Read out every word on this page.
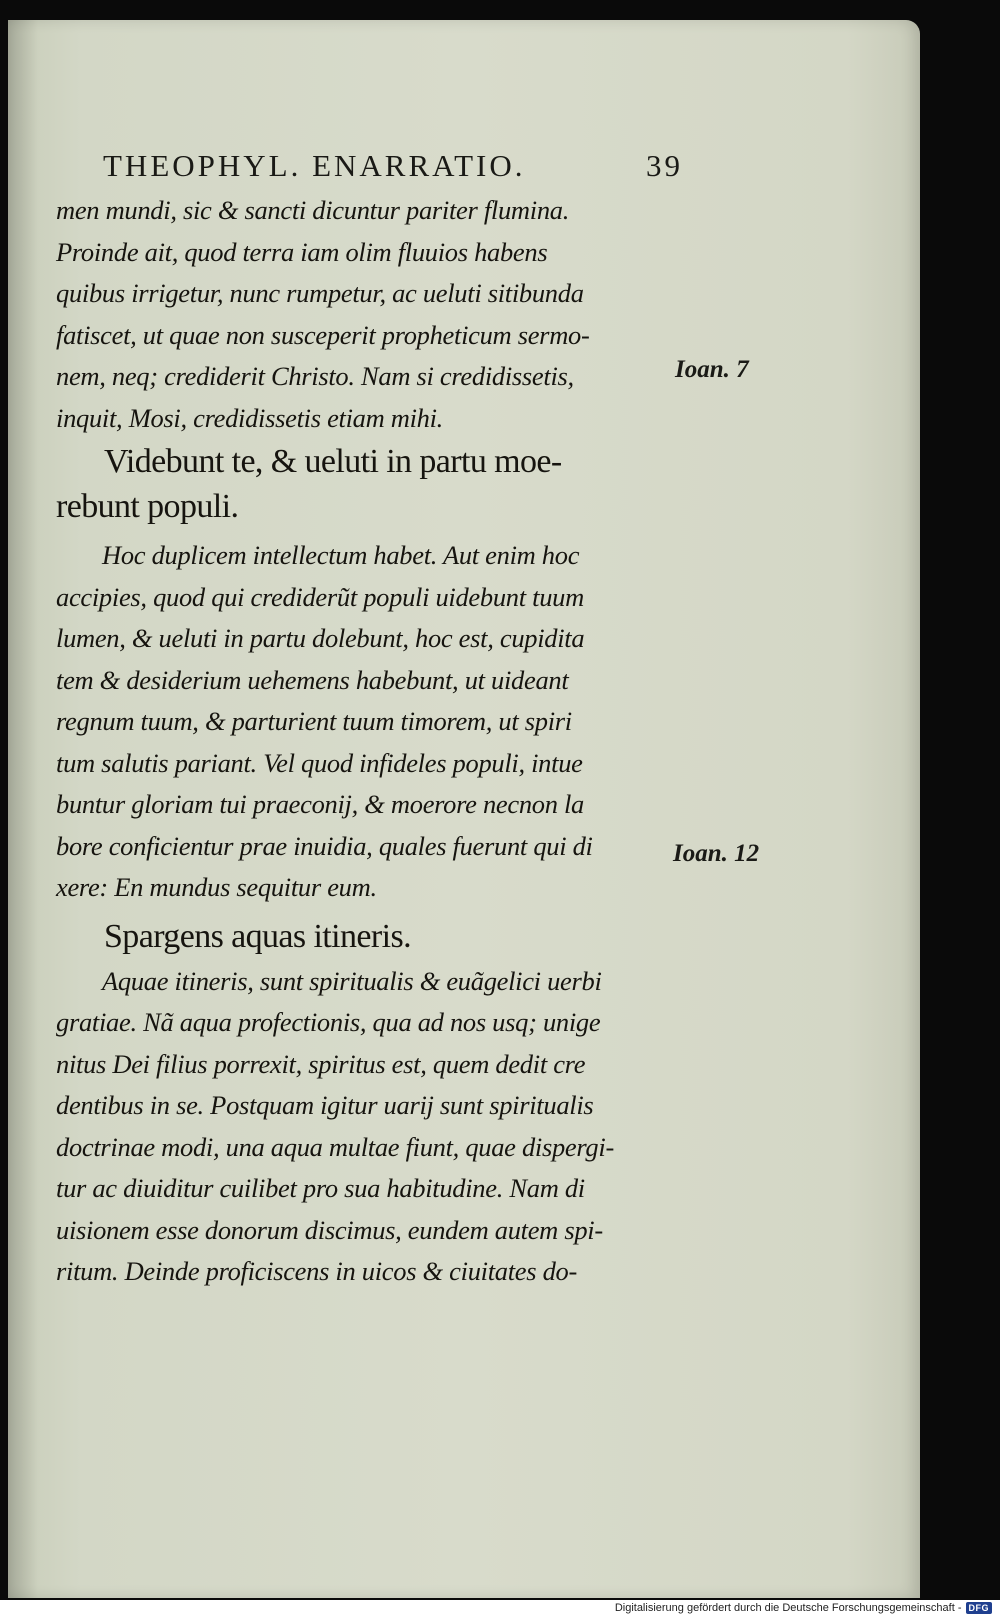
THEOPHYL. ENARRATIO.	39
men mundi, sic & sancti dicuntur pariter flumina.
Proinde ait, quod terra iam olim fluuios habens
quibus irrigetur, nunc rumpetur, ac ueluti sitibunda
fatiscet, ut quae non susceperit propheticum sermo-
nem, neq; crediderit Christo. Nam si credidissetis,
inquit, Mosi, credidissetis etiam mihi.
Videbunt te, & ueluti in partu moe-
rebunt populi.
Hoc duplicem intellectum habet. Aut enim hoc
accipies, quod qui crediderũt populi uidebunt tuum
lumen, & ueluti in partu dolebunt, hoc est, cupidita
tem & desiderium uehemens habebunt, ut uideant
regnum tuum, & parturient tuum timorem, ut spiri
tum salutis pariant. Vel quod infideles populi, intue
buntur gloriam tui praeconij, & moerore necnon la
bore conficientur prae inuidia, quales fuerunt qui di
xere: En mundus sequitur eum.
Spargens aquas itineris.
Aquae itineris, sunt spiritualis & euãgelici uerbi
gratiae. Nã aqua profectionis, qua ad nos usq; unige
nitus Dei filius porrexit, spiritus est, quem dedit cre
dentibus in se. Postquam igitur uarij sunt spiritualis
doctrinae modi, una aqua multae fiunt, quae dispergi-
tur ac diuiditur cuilibet pro sua habitudine. Nam di
uisionem esse donorum discimus, eundem autem spi-
ritum. Deinde proficiscens in uicos & ciuitates do-
Ioan. 7
Ioan. 12
Digitalisierung gefördert durch die Deutsche Forschungsgemeinschaft - DFG
